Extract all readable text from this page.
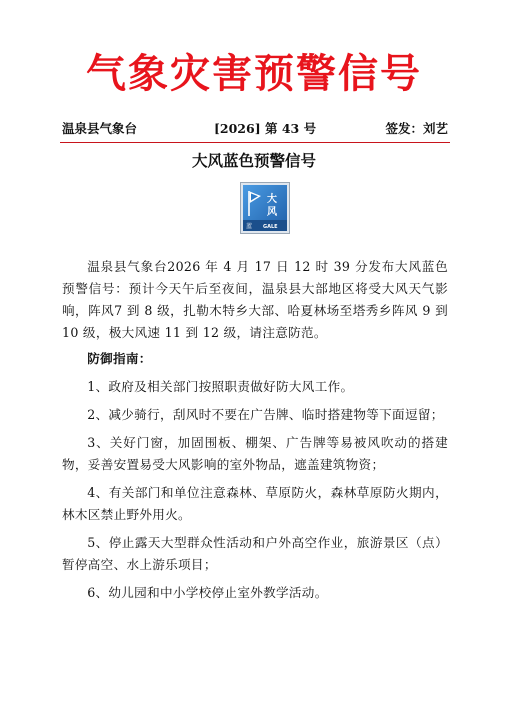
气象灾害预警信号
温泉县气象台	[2026] 第 43 号	签发：刘艺
大风蓝色预警信号
大
风
蓝 GALE

温泉县气象台2026 年 4 月 17 日 12 时 39 分发布大风蓝色预警信号：预计今天午后至夜间，温泉县大部地区将受大风天气影响，阵风7 到 8 级，扎勒木特乡大部、哈夏林场至塔秀乡阵风 9 到 10 级，极大风速 11 到 12 级，请注意防范。

防御指南：

1、政府及相关部门按照职责做好防大风工作。

2、减少骑行，刮风时不要在广告牌、临时搭建物等下面逗留；

3、关好门窗，加固围板、棚架、广告牌等易被风吹动的搭建物，妥善安置易受大风影响的室外物品，遮盖建筑物资；

4、有关部门和单位注意森林、草原防火，森林草原防火期内，林木区禁止野外用火。

5、停止露天大型群众性活动和户外高空作业，旅游景区（点）暂停高空、水上游乐项目；

6、幼儿园和中小学校停止室外教学活动。
